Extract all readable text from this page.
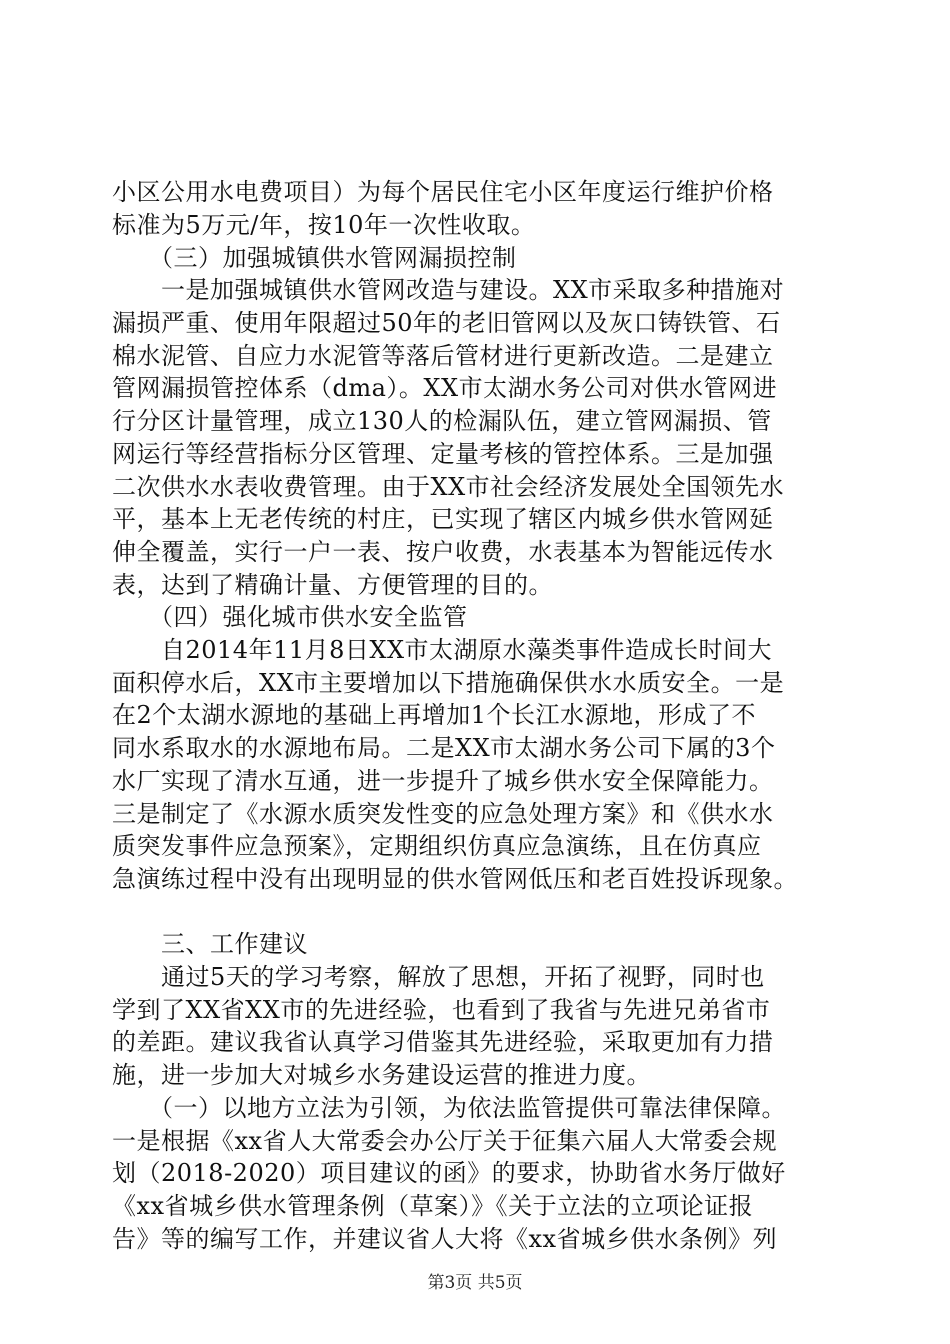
小区公用水电费项目）为每个居民住宅小区年度运行维护价格
标准为5万元/年，按10年一次性收取。
　　（三）加强城镇供水管网漏损控制
　　一是加强城镇供水管网改造与建设。XX市采取多种措施对
漏损严重、使用年限超过50年的老旧管网以及灰口铸铁管、石
棉水泥管、自应力水泥管等落后管材进行更新改造。二是建立
管网漏损管控体系（dma）。XX市太湖水务公司对供水管网进
行分区计量管理，成立130人的检漏队伍，建立管网漏损、管
网运行等经营指标分区管理、定量考核的管控体系。三是加强
二次供水水表收费管理。由于XX市社会经济发展处全国领先水
平，基本上无老传统的村庄，已实现了辖区内城乡供水管网延
伸全覆盖，实行一户一表、按户收费，水表基本为智能远传水
表，达到了精确计量、方便管理的目的。
　　（四）强化城市供水安全监管
　　自2014年11月8日XX市太湖原水藻类事件造成长时间大
面积停水后，XX市主要增加以下措施确保供水水质安全。一是
在2个太湖水源地的基础上再增加1个长江水源地，形成了不
同水系取水的水源地布局。二是XX市太湖水务公司下属的3个
水厂实现了清水互通，进一步提升了城乡供水安全保障能力。
三是制定了《水源水质突发性变的应急处理方案》和《供水水
质突发事件应急预案》，定期组织仿真应急演练，且在仿真应
急演练过程中没有出现明显的供水管网低压和老百姓投诉现象。
　　三、工作建议
　　通过5天的学习考察，解放了思想，开拓了视野，同时也
学到了XX省XX市的先进经验，也看到了我省与先进兄弟省市
的差距。建议我省认真学习借鉴其先进经验，采取更加有力措
施，进一步加大对城乡水务建设运营的推进力度。
　　（一）以地方立法为引领，为依法监管提供可靠法律保障。
一是根据《xx省人大常委会办公厅关于征集六届人大常委会规
划（2018-2020）项目建议的函》的要求，协助省水务厅做好
《xx省城乡供水管理条例（草案）》《关于立法的立项论证报
告》等的编写工作，并建议省人大将《xx省城乡供水条例》列
第3页 共5页
